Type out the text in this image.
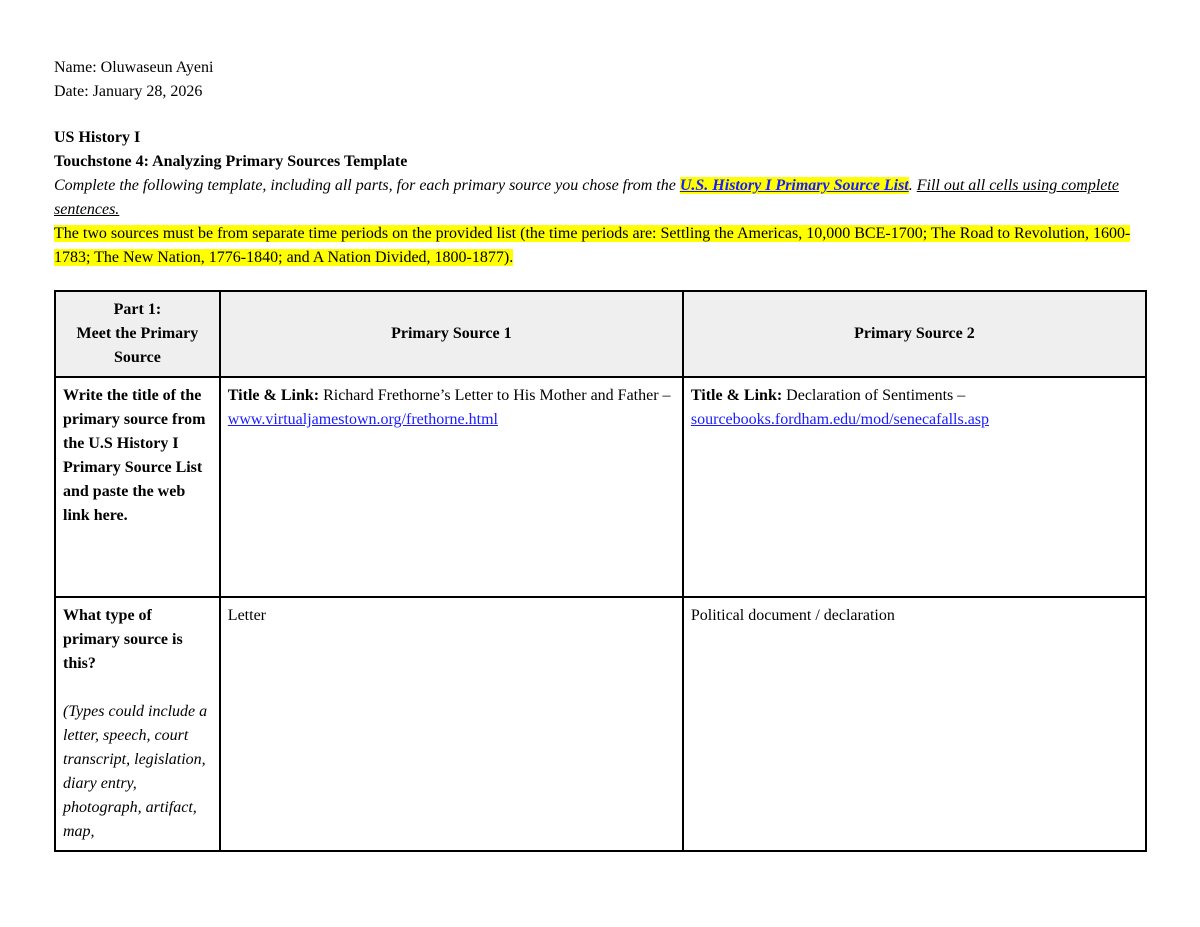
Name: Oluwaseun Ayeni
Date: January 28, 2026
US History I
Touchstone 4: Analyzing Primary Sources Template
Complete the following template, including all parts, for each primary source you chose from the U.S. History I Primary Source List. Fill out all cells using complete sentences.
The two sources must be from separate time periods on the provided list (the time periods are: Settling the Americas, 10,000 BCE-1700; The Road to Revolution, 1600-1783; The New Nation, 1776-1840; and A Nation Divided, 1800-1877).
Part 1:
Meet the Primary Source	Primary Source 1	Primary Source 2
Write the title of the primary source from the U.S History I Primary Source List and paste the web link here.	Title & Link: Richard Frethorne’s Letter to His Mother and Father – www.virtualjamestown.org/frethorne.html	Title & Link: Declaration of Sentiments –
sourcebooks.fordham.edu/mod/senecafalls.asp
What type of primary source is this?
(Types could include a letter, speech, court transcript, legislation, diary entry, photograph, artifact, map,	Letter	Political document / declaration
